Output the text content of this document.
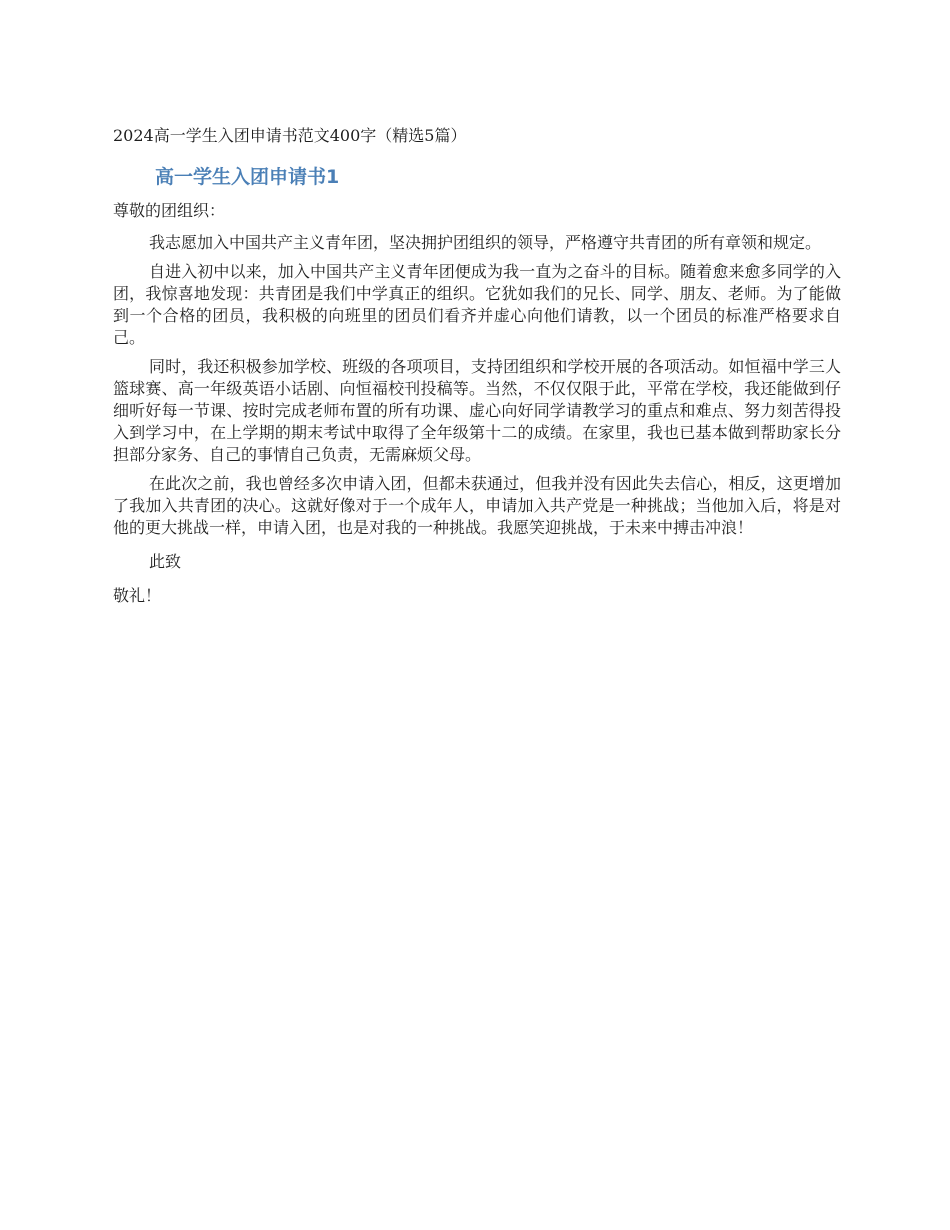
2024高一学生入团申请书范文400字（精选5篇）
高一学生入团申请书1

尊敬的团组织：

我志愿加入中国共产主义青年团，坚决拥护团组织的领导，严格遵守共青团的所有章领和规定。

自进入初中以来，加入中国共产主义青年团便成为我一直为之奋斗的目标。随着愈来愈多同学的入团，我惊喜地发现：共青团是我们中学真正的组织。它犹如我们的兄长、同学、朋友、老师。为了能做到一个合格的团员，我积极的向班里的团员们看齐并虚心向他们请教，以一个团员的标准严格要求自己。

同时，我还积极参加学校、班级的各项项目，支持团组织和学校开展的各项活动。如恒福中学三人篮球赛、高一年级英语小话剧、向恒福校刊投稿等。当然，不仅仅限于此，平常在学校，我还能做到仔细听好每一节课、按时完成老师布置的所有功课、虚心向好同学请教学习的重点和难点、努力刻苦得投入到学习中，在上学期的期末考试中取得了全年级第十二的成绩。在家里，我也已基本做到帮助家长分担部分家务、自己的事情自己负责，无需麻烦父母。

在此次之前，我也曾经多次申请入团，但都未获通过，但我并没有因此失去信心，相反，这更增加了我加入共青团的决心。这就好像对于一个成年人，申请加入共产党是一种挑战；当他加入后，将是对他的更大挑战一样，申请入团，也是对我的一种挑战。我愿笑迎挑战，于未来中搏击冲浪！

此致

敬礼！
